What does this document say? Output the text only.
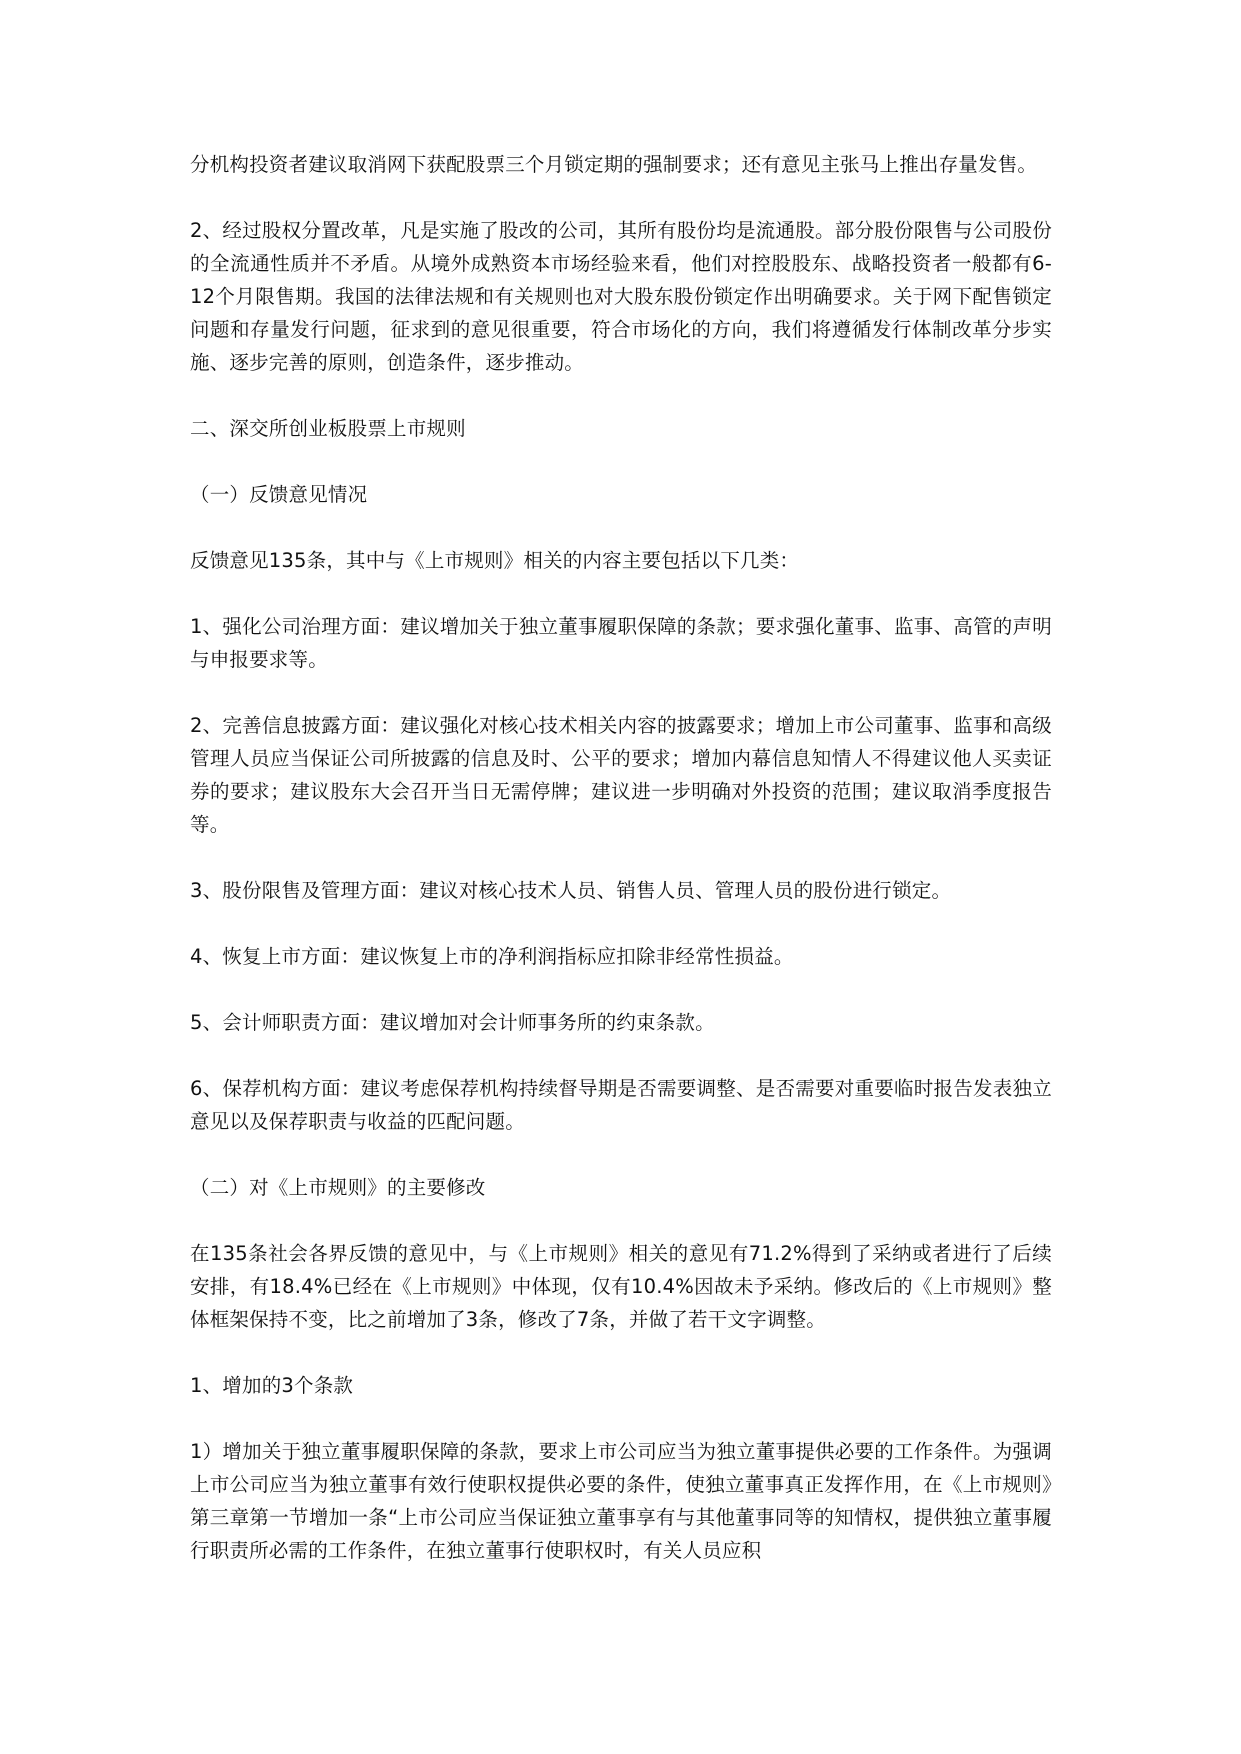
分机构投资者建议取消网下获配股票三个月锁定期的强制要求；还有意见主张马上推出存量发售。

2、经过股权分置改革，凡是实施了股改的公司，其所有股份均是流通股。部分股份限售与公司股份的全流通性质并不矛盾。从境外成熟资本市场经验来看，他们对控股股东、战略投资者一般都有6-12个月限售期。我国的法律法规和有关规则也对大股东股份锁定作出明确要求。关于网下配售锁定问题和存量发行问题，征求到的意见很重要，符合市场化的方向，我们将遵循发行体制改革分步实施、逐步完善的原则，创造条件，逐步推动。

二、深交所创业板股票上市规则

（一）反馈意见情况

反馈意见135条，其中与《上市规则》相关的内容主要包括以下几类：

1、强化公司治理方面：建议增加关于独立董事履职保障的条款；要求强化董事、监事、高管的声明与申报要求等。

2、完善信息披露方面：建议强化对核心技术相关内容的披露要求；增加上市公司董事、监事和高级管理人员应当保证公司所披露的信息及时、公平的要求；增加内幕信息知情人不得建议他人买卖证券的要求；建议股东大会召开当日无需停牌；建议进一步明确对外投资的范围；建议取消季度报告等。

3、股份限售及管理方面：建议对核心技术人员、销售人员、管理人员的股份进行锁定。

4、恢复上市方面：建议恢复上市的净利润指标应扣除非经常性损益。

5、会计师职责方面：建议增加对会计师事务所的约束条款。

6、保荐机构方面：建议考虑保荐机构持续督导期是否需要调整、是否需要对重要临时报告发表独立意见以及保荐职责与收益的匹配问题。

（二）对《上市规则》的主要修改

在135条社会各界反馈的意见中，与《上市规则》相关的意见有71.2%得到了采纳或者进行了后续安排，有18.4%已经在《上市规则》中体现，仅有10.4%因故未予采纳。修改后的《上市规则》整体框架保持不变，比之前增加了3条，修改了7条，并做了若干文字调整。

1、增加的3个条款

1）增加关于独立董事履职保障的条款，要求上市公司应当为独立董事提供必要的工作条件。为强调上市公司应当为独立董事有效行使职权提供必要的条件，使独立董事真正发挥作用，在《上市规则》第三章第一节增加一条“上市公司应当保证独立董事享有与其他董事同等的知情权，提供独立董事履行职责所必需的工作条件，在独立董事行使职权时，有关人员应积
